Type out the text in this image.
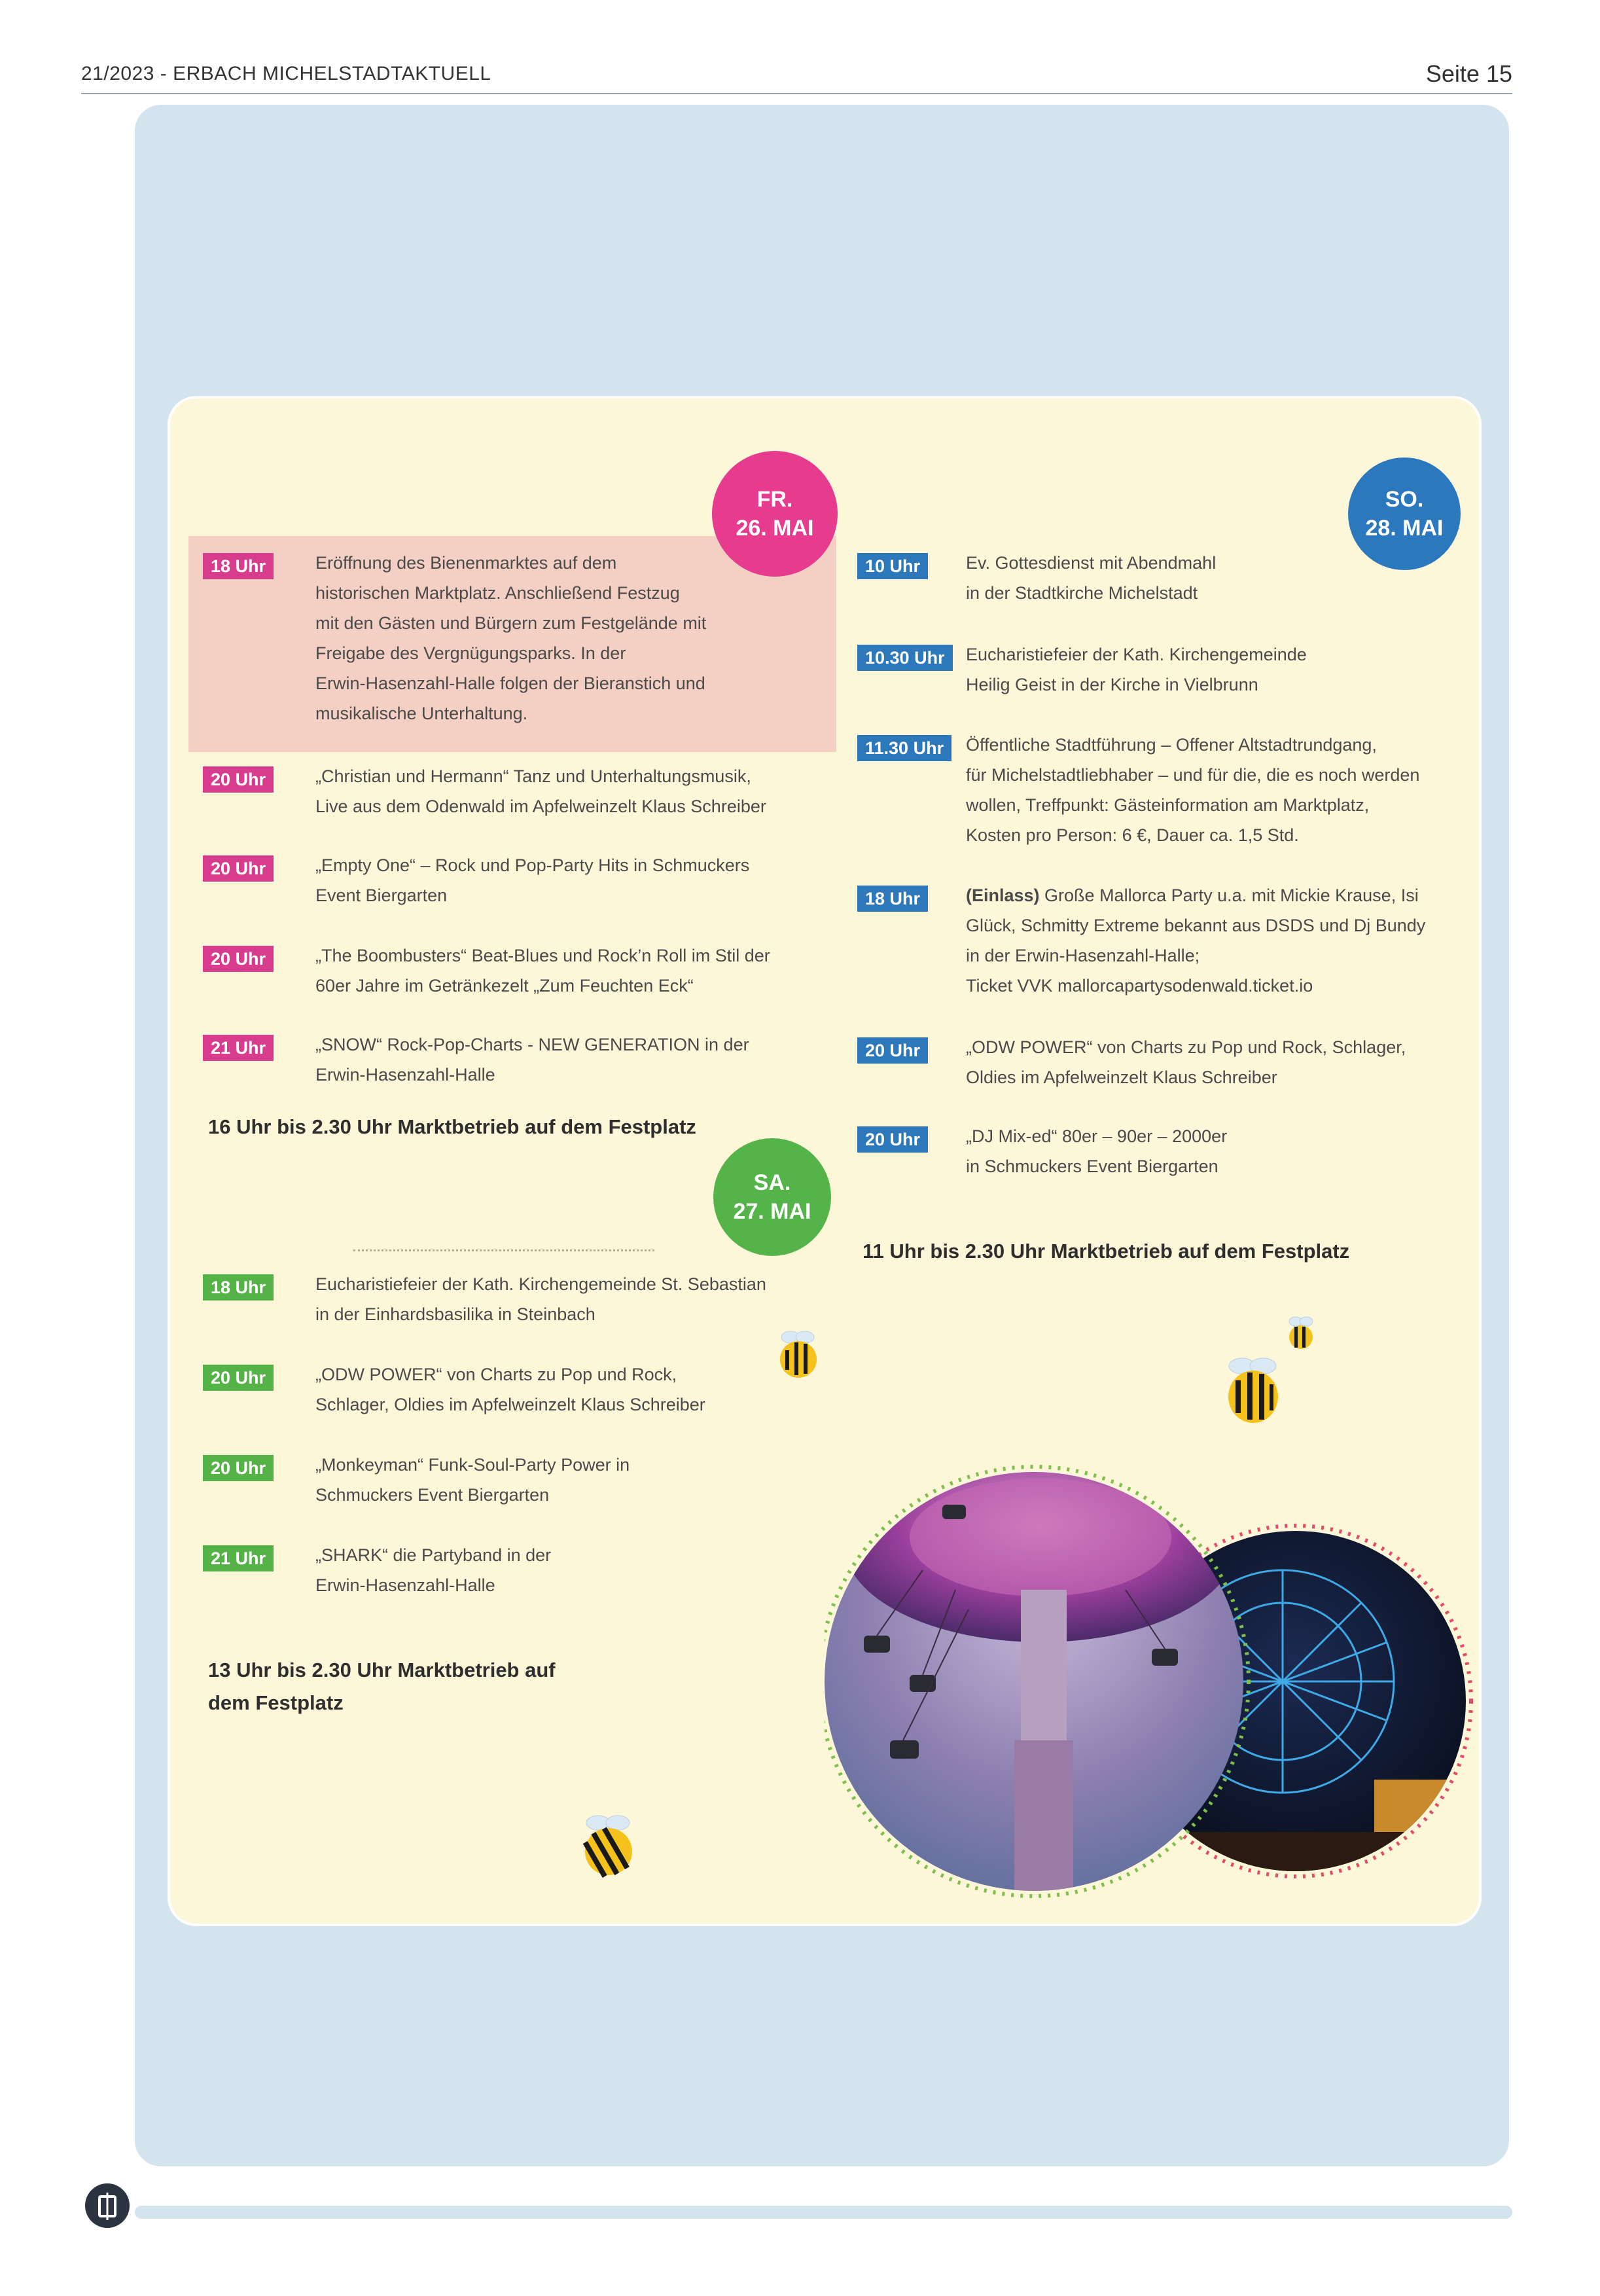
21/2023 - ERBACH MICHELSTADTAKTUELL	Seite 15
FR.
26. MAI
SO.
28. MAI
SA.
27. MAI
18 Uhr	Eröffnung des Bienenmarktes auf dem
historischen Marktplatz. Anschließend Festzug
mit den Gästen und Bürgern zum Festgelände mit
Freigabe des Vergnügungsparks. In der
Erwin-Hasenzahl-Halle folgen der Bieranstich und
musikalische Unterhaltung.
20 Uhr	„Christian und Hermann“ Tanz und Unterhaltungsmusik,
Live aus dem Odenwald im Apfelweinzelt Klaus Schreiber
20 Uhr	„Empty One“ – Rock und Pop-Party Hits in Schmuckers
Event Biergarten
20 Uhr	„The Boombusters“ Beat-Blues und Rock’n Roll im Stil der
60er Jahre im Getränkezelt „Zum Feuchten Eck“
21 Uhr	„SNOW“ Rock-Pop-Charts - NEW GENERATION in der
Erwin-Hasenzahl-Halle
16 Uhr bis 2.30 Uhr Marktbetrieb auf dem Festplatz
18 Uhr	Eucharistiefeier der Kath. Kirchengemeinde St. Sebastian
in der Einhardsbasilika in Steinbach
20 Uhr	„ODW POWER“ von Charts zu Pop und Rock,
Schlager, Oldies im Apfelweinzelt Klaus Schreiber
20 Uhr	„Monkeyman“ Funk-Soul-Party Power in
Schmuckers Event Biergarten
21 Uhr	„SHARK“ die Partyband in der
Erwin-Hasenzahl-Halle
13 Uhr bis 2.30 Uhr Marktbetrieb auf
dem Festplatz
10 Uhr	Ev. Gottesdienst mit Abendmahl
in der Stadtkirche Michelstadt
10.30 Uhr	Eucharistiefeier der Kath. Kirchengemeinde
Heilig Geist in der Kirche in Vielbrunn
11.30 Uhr	Öffentliche Stadtführung – Offener Altstadtrundgang,
für Michelstadtliebhaber – und für die, die es noch werden
wollen, Treffpunkt: Gästeinformation am Marktplatz,
Kosten pro Person: 6 €, Dauer ca. 1,5 Std.
18 Uhr	(Einlass) Große Mallorca Party u.a. mit Mickie Krause, Isi
Glück, Schmitty Extreme bekannt aus DSDS und Dj Bundy
in der Erwin-Hasenzahl-Halle;
Ticket VVK mallorcapartysodenwald.ticket.io
20 Uhr	„ODW POWER“ von Charts zu Pop und Rock, Schlager,
Oldies im Apfelweinzelt Klaus Schreiber
20 Uhr	„DJ Mix-ed“ 80er – 90er – 2000er
in Schmuckers Event Biergarten
11 Uhr bis 2.30 Uhr Marktbetrieb auf dem Festplatz
